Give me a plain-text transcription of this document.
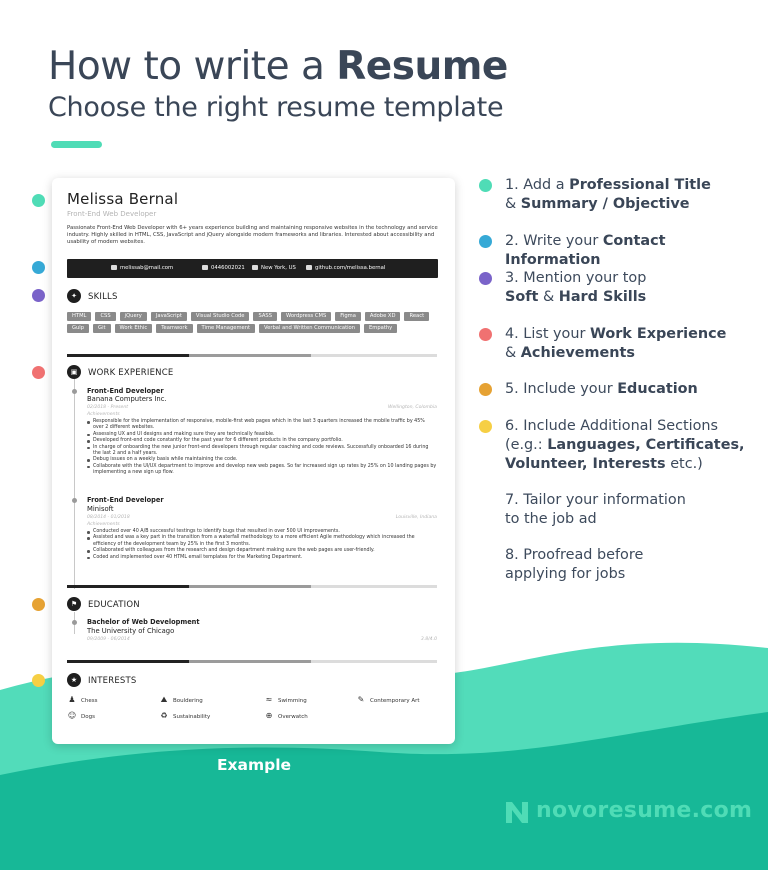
How to write a Resume
Choose the right resume template
Melissa Bernal
Front-End Web Developer
Passionate Front-End Web Developer with 6+ years experience building and maintaining responsive websites in the technology and service industry. Highly skilled in HTML, CSS, JavaScript and jQuery alongside modern frameworks and libraries. Interested about accessibility and usability of modern websites.
melissab@mail.com	0446002021	New York, US	github.com/melissa.bernal
✦	SKILLS
HTML	CSS	jQuery	JavaScript	Visual Studio Code	SASS	Wordpress CMS	Figma	Adobe XD	ReactGulp	Git	Work Ethic	Teamwork	Time Management	Verbal and Written Communication	Empathy
▣	WORK EXPERIENCE
Front-End Developer
Banana Computers Inc.
02/2018 - Present	Wellington, Colombia
Achievements
Responsible for the implementation of responsive, mobile-first web pages which in the last 3 quarters increased the mobile traffic by 45% over 2 different websites.
Assessing UX and UI designs and making sure they are technically feasible.
Developed front-end code constantly for the past year for 6 different products in the company portfolio.
In charge of onboarding the new junior front-end developers through regular coaching and code reviews. Successfully onboarded 16 during the last 2 and a half years.
Debug issues on a weekly basis while maintaining the code.
Collaborate with the UI/UX department to improve and develop new web pages. So far increased sign up rates by 25% on 10 landing pages by implementing a new sign up flow.
Front-End Developer
Minisoft
08/2014 - 01/2018	Louisville, Indiana
Achievements
Conducted over 40 A/B successful testings to identify bugs that resulted in over 500 UI improvements.
Assisted and was a key part in the transition from a waterfall methodology to a more efficient Agile methodology which increased the efficiency of the development team by 25% in the first 3 months.
Collaborated with colleagues from the research and design department making sure the web pages are user-friendly.
Coded and implemented over 40 HTML email templates for the Marketing Department.
⚑	EDUCATION
Bachelor of Web Development
The University of Chicago
09/2009 - 06/2014	3.8/4.0
★	INTERESTS
♟ Chess	⛰ Bouldering	≈ Swimming	✎ Contemporary Art
☺ Dogs	♻ Sustainability	⊕ Overwatch
Example
1. Add a Professional Title
& Summary / Objective
2. Write your Contact Information
3. Mention your top
Soft & Hard Skills
4. List your Work Experience
& Achievements
5. Include your Education
6. Include Additional Sections
(e.g.: Languages, Certificates,
Volunteer, Interests etc.)
7. Tailor your information
to the job ad
8. Proofread before
applying for jobs
novoresume.com
